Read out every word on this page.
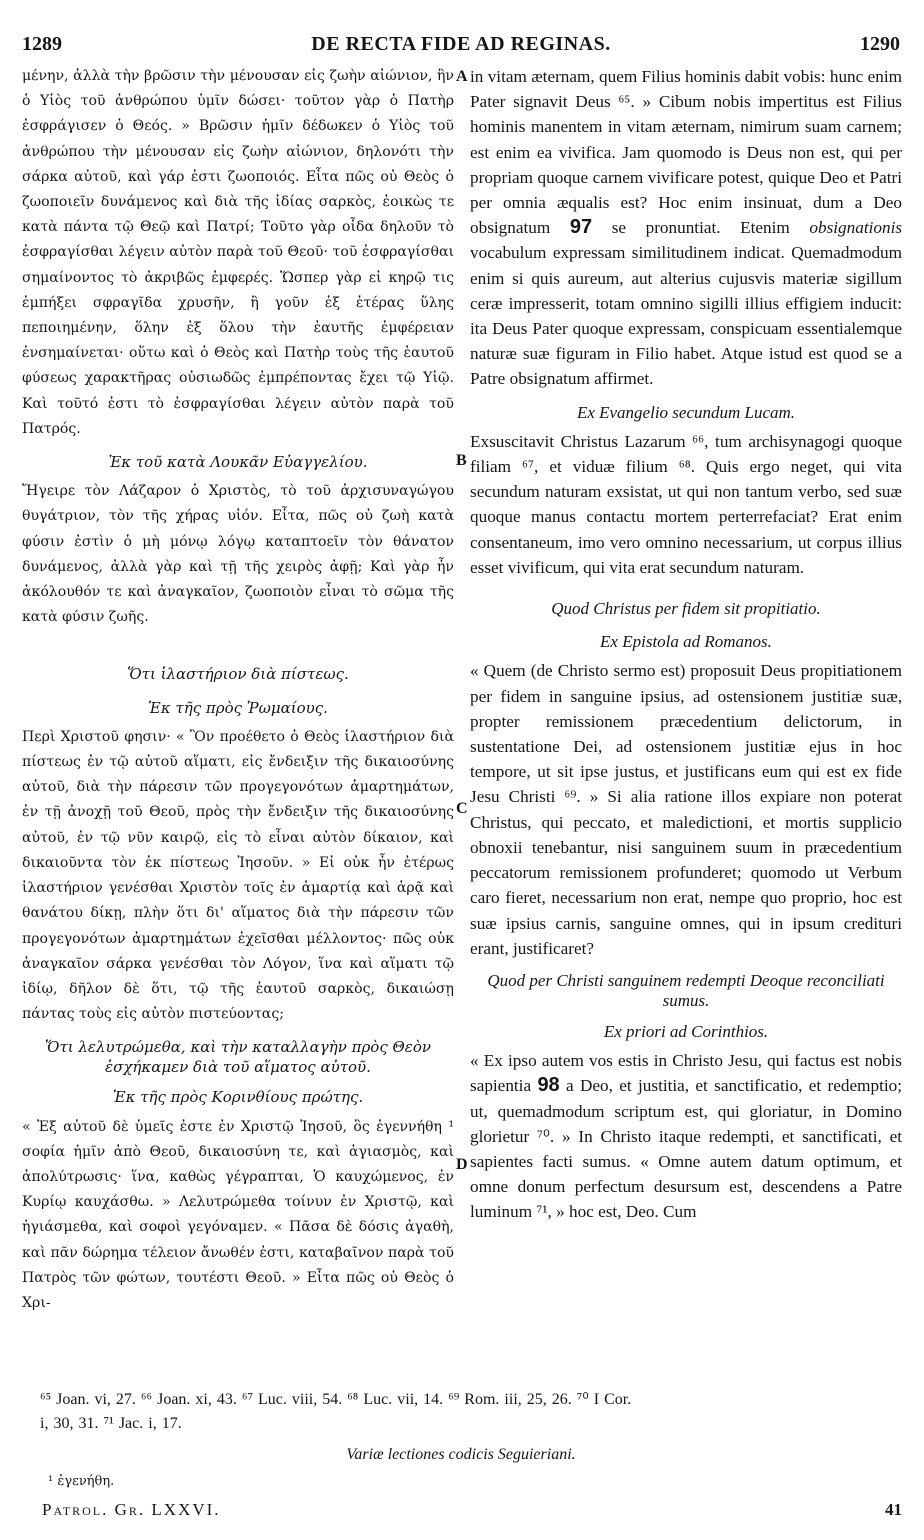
1289	DE RECTA FIDE AD REGINAS.	1290

μένην, ἀλλὰ τὴν βρῶσιν τὴν μένουσαν εἰς ζωὴν αἰώνιον, ἣν ὁ Υἱὸς τοῦ ἀνθρώπου ὑμῖν δώσει· τοῦτον γὰρ ὁ Πατὴρ ἐσφράγισεν ὁ Θεός. » Βρῶσιν ἡμῖν δέδωκεν ὁ Υἱὸς τοῦ ἀνθρώπου τὴν μένουσαν εἰς ζωὴν αἰώνιον, δηλονότι τὴν σάρκα αὐτοῦ, καὶ γάρ ἐστι ζωοποιός. Εἶτα πῶς οὐ Θεὸς ὁ ζωοποιεῖν δυνάμενος καὶ διὰ τῆς ἰδίας σαρκὸς, ἐοικὼς τε κατὰ πάντα τῷ Θεῷ καὶ Πατρί; Τοῦτο γὰρ οἶδα δηλοῦν τὸ ἐσφραγίσθαι λέγειν αὐτὸν παρὰ τοῦ Θεοῦ· τοῦ ἐσφραγίσθαι σημαίνοντος τὸ ἀκριβῶς ἐμφερές. Ὥσπερ γὰρ εἰ κηρῷ τις ἐμπήξει σφραγῖδα χρυσῆν, ἢ γοῦν ἐξ ἑτέρας ὕλης πεποιημένην, ὅλην ἐξ ὅλου τὴν ἑαυτῆς ἐμφέρειαν ἐνσημαίνεται· οὕτω καὶ ὁ Θεὸς καὶ Πατὴρ τοὺς τῆς ἑαυτοῦ φύσεως χαρακτῆρας οὐσιωδῶς ἐμπρέποντας ἔχει τῷ Υἱῷ. Καὶ τοῦτό ἐστι τὸ ἐσφραγίσθαι λέγειν αὐτὸν παρὰ τοῦ Πατρός.

Ἐκ τοῦ κατὰ Λουκᾶν Εὐαγγελίου.

Ἤγειρε τὸν Λάζαρον ὁ Χριστὸς, τὸ τοῦ ἀρχισυναγώγου θυγάτριον, τὸν τῆς χήρας υἱόν. Εἶτα, πῶς οὐ ζωὴ κατὰ φύσιν ἐστὶν ὁ μὴ μόνῳ λόγῳ καταπτοεῖν τὸν θάνατον δυνάμενος, ἀλλὰ γὰρ καὶ τῇ τῆς χειρὸς ἀφῇ; Καὶ γὰρ ἦν ἀκόλουθόν τε καὶ ἀναγκαῖον, ζωοποιὸν εἶναι τὸ σῶμα τῆς κατὰ φύσιν ζωῆς.

Ὅτι ἱλαστήριον διὰ πίστεως.
Ἐκ τῆς πρὸς Ῥωμαίους.

Περὶ Χριστοῦ φησιν· « Ὃν προέθετο ὁ Θεὸς ἱλαστήριον διὰ πίστεως ἐν τῷ αὐτοῦ αἵματι, εἰς ἔνδειξιν τῆς δικαιοσύνης αὐτοῦ, διὰ τὴν πάρεσιν τῶν προγεγονότων ἁμαρτημάτων, ἐν τῇ ἀνοχῇ τοῦ Θεοῦ, πρὸς τὴν ἔνδειξιν τῆς δικαιοσύνης αὐτοῦ, ἐν τῷ νῦν καιρῷ, εἰς τὸ εἶναι αὐτὸν δίκαιον, καὶ δικαιοῦντα τὸν ἐκ πίστεως Ἰησοῦν. » Εἰ οὐκ ἦν ἑτέρως ἱλαστήριον γενέσθαι Χριστὸν τοῖς ἐν ἁμαρτίᾳ καὶ ἀρᾷ καὶ θανάτου δίκῃ, πλὴν ὅτι δι' αἵματος διὰ τὴν πάρεσιν τῶν προγεγονότων ἁμαρτημάτων ἐχεῖσθαι μέλλοντος· πῶς οὐκ ἀναγκαῖον σάρκα γενέσθαι τὸν Λόγον, ἵνα καὶ αἵματι τῷ ἰδίῳ, δῆλον δὲ ὅτι, τῷ τῆς ἑαυτοῦ σαρκὸς, δικαιώσῃ πάντας τοὺς εἰς αὐτὸν πιστεύοντας;

Ὅτι λελυτρώμεθα, καὶ τὴν καταλλαγὴν πρὸς Θεὸν ἐσχήκαμεν διὰ τοῦ αἵματος αὐτοῦ.
Ἐκ τῆς πρὸς Κορινθίους πρώτης.

« Ἐξ αὐτοῦ δὲ ὑμεῖς ἐστε ἐν Χριστῷ Ἰησοῦ, ὃς ἐγεννήθη ¹ σοφία ἡμῖν ἀπὸ Θεοῦ, δικαιοσύνη τε, καὶ ἁγιασμὸς, καὶ ἀπολύτρωσις· ἵνα, καθὼς γέγραπται, Ὁ καυχώμενος, ἐν Κυρίῳ καυχάσθω. » Λελυτρώμεθα τοίνυν ἐν Χριστῷ, καὶ ἡγιάσμεθα, καὶ σοφοὶ γεγόναμεν. « Πᾶσα δὲ δόσις ἀγαθὴ, καὶ πᾶν δώρημα τέλειον ἄνωθέν ἐστι, καταβαῖνον παρὰ τοῦ Πατρὸς τῶν φώτων, τουτέστι Θεοῦ. » Εἶτα πῶς οὐ Θεὸς ὁ Χρι-

A
B
C
D

in vitam æternam, quem Filius hominis dabit vobis: hunc enim Pater signavit Deus ⁶⁵. » Cibum nobis impertitus est Filius hominis manentem in vitam æternam, nimirum suam carnem; est enim ea vivifica. Jam quomodo is Deus non est, qui per propriam quoque carnem vivificare potest, quique Deo et Patri per omnia æqualis est? Hoc enim insinuat, dum a Deo obsignatum 97 se pronuntiat. Etenim obsignationis vocabulum expressam similitudinem indicat. Quemadmodum enim si quis aureum, aut alterius cujusvis materiæ sigillum ceræ impresserit, totam omnino sigilli illius effigiem inducit: ita Deus Pater quoque expressam, conspicuam essentialemque naturæ suæ figuram in Filio habet. Atque istud est quod se a Patre obsignatum affirmet.

Ex Evangelio secundum Lucam.

Exsuscitavit Christus Lazarum ⁶⁶, tum archisynagogi quoque filiam ⁶⁷, et viduæ filium ⁶⁸. Quis ergo neget, qui vita secundum naturam exsistat, ut qui non tantum verbo, sed suæ quoque manus contactu mortem perterrefaciat? Erat enim consentaneum, imo vero omnino necessarium, ut corpus illius esset vivificum, qui vita erat secundum naturam.

Quod Christus per fidem sit propitiatio.
Ex Epistola ad Romanos.

« Quem (de Christo sermo est) proposuit Deus propitiationem per fidem in sanguine ipsius, ad ostensionem justitiæ suæ, propter remissionem præcedentium delictorum, in sustentatione Dei, ad ostensionem justitiæ ejus in hoc tempore, ut sit ipse justus, et justificans eum qui est ex fide Jesu Christi ⁶⁹. » Si alia ratione illos expiare non poterat Christus, qui peccato, et maledictioni, et mortis supplicio obnoxii tenebantur, nisi sanguinem suum in præcedentium peccatorum remissionem profunderet; quomodo ut Verbum caro fieret, necessarium non erat, nempe quo proprio, hoc est suæ ipsius carnis, sanguine omnes, qui in ipsum crediturі erant, justificaret?

Quod per Christi sanguinem redempti Deoque reconciliati sumus.
Ex priori ad Corinthios.

« Ex ipso autem vos estis in Christo Jesu, qui factus est nobis sapientia 98 a Deo, et justitia, et sanctificatio, et redemptio; ut, quemadmodum scriptum est, qui gloriatur, in Domino glorietur ⁷⁰. » In Christo itaque redempti, et sanctificati, et sapientes facti sumus. « Omne autem datum optimum, et omne donum perfectum desursum est, descendens a Patre luminum ⁷¹, » hoc est, Deo. Cum

⁶⁵ Joan. vi, 27. ⁶⁶ Joan. xi, 43. ⁶⁷ Luc. viii, 54. ⁶⁸ Luc. vii, 14. ⁶⁹ Rom. iii, 25, 26. ⁷⁰ I Cor.
i, 30, 31. ⁷¹ Jac. i, 17.
Variæ lectiones codicis Seguieriani.
¹ ἐγενήθη.
Patrol. Gr. LXXVI.	41
